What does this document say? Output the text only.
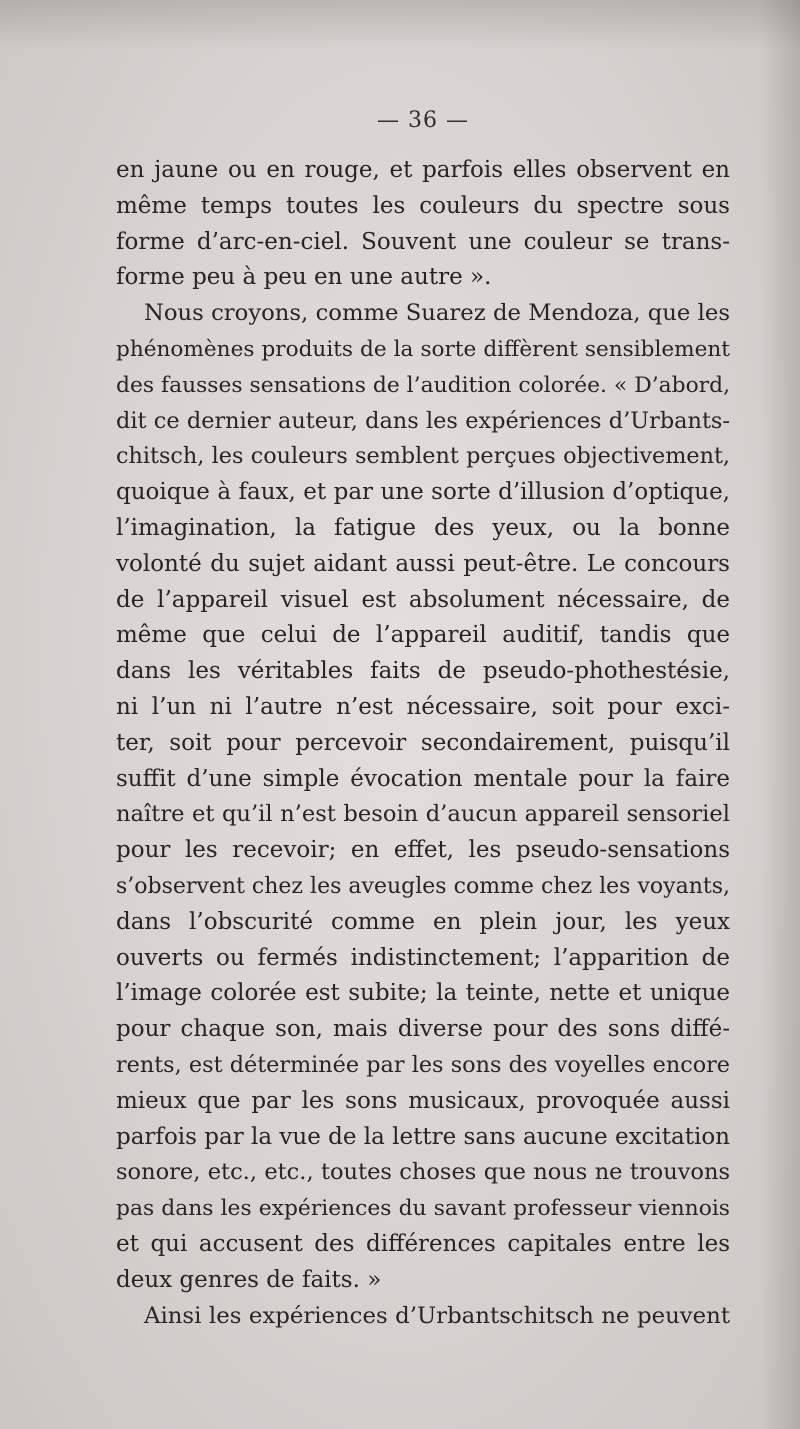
— 36 —
en jaune ou en rouge, et parfois elles observent en
même temps toutes les couleurs du spectre sous
forme d’arc-en-ciel. Souvent une couleur se trans-
forme peu à peu en une autre ».
Nous croyons, comme Suarez de Mendoza, que les
phénomènes produits de la sorte diffèrent sensiblement
des fausses sensations de l’audition colorée. « D’abord,
dit ce dernier auteur, dans les expériences d’Urbants-
chitsch, les couleurs semblent perçues objectivement,
quoique à faux, et par une sorte d’illusion d’optique,
l’imagination, la fatigue des yeux, ou la bonne
volonté du sujet aidant aussi peut-être. Le concours
de l’appareil visuel est absolument nécessaire, de
même que celui de l’appareil auditif, tandis que
dans les véritables faits de pseudo-phothestésie,
ni l’un ni l’autre n’est nécessaire, soit pour exci-
ter, soit pour percevoir secondairement, puisqu’il
suffit d’une simple évocation mentale pour la faire
naître et qu’il n’est besoin d’aucun appareil sensoriel
pour les recevoir; en effet, les pseudo-sensations
s’observent chez les aveugles comme chez les voyants,
dans l’obscurité comme en plein jour, les yeux
ouverts ou fermés indistinctement; l’apparition de
l’image colorée est subite; la teinte, nette et unique
pour chaque son, mais diverse pour des sons diffé-
rents, est déterminée par les sons des voyelles encore
mieux que par les sons musicaux, provoquée aussi
parfois par la vue de la lettre sans aucune excitation
sonore, etc., etc., toutes choses que nous ne trouvons
pas dans les expériences du savant professeur viennois
et qui accusent des différences capitales entre les
deux genres de faits. »
Ainsi les expériences d’Urbantschitsch ne peuvent
